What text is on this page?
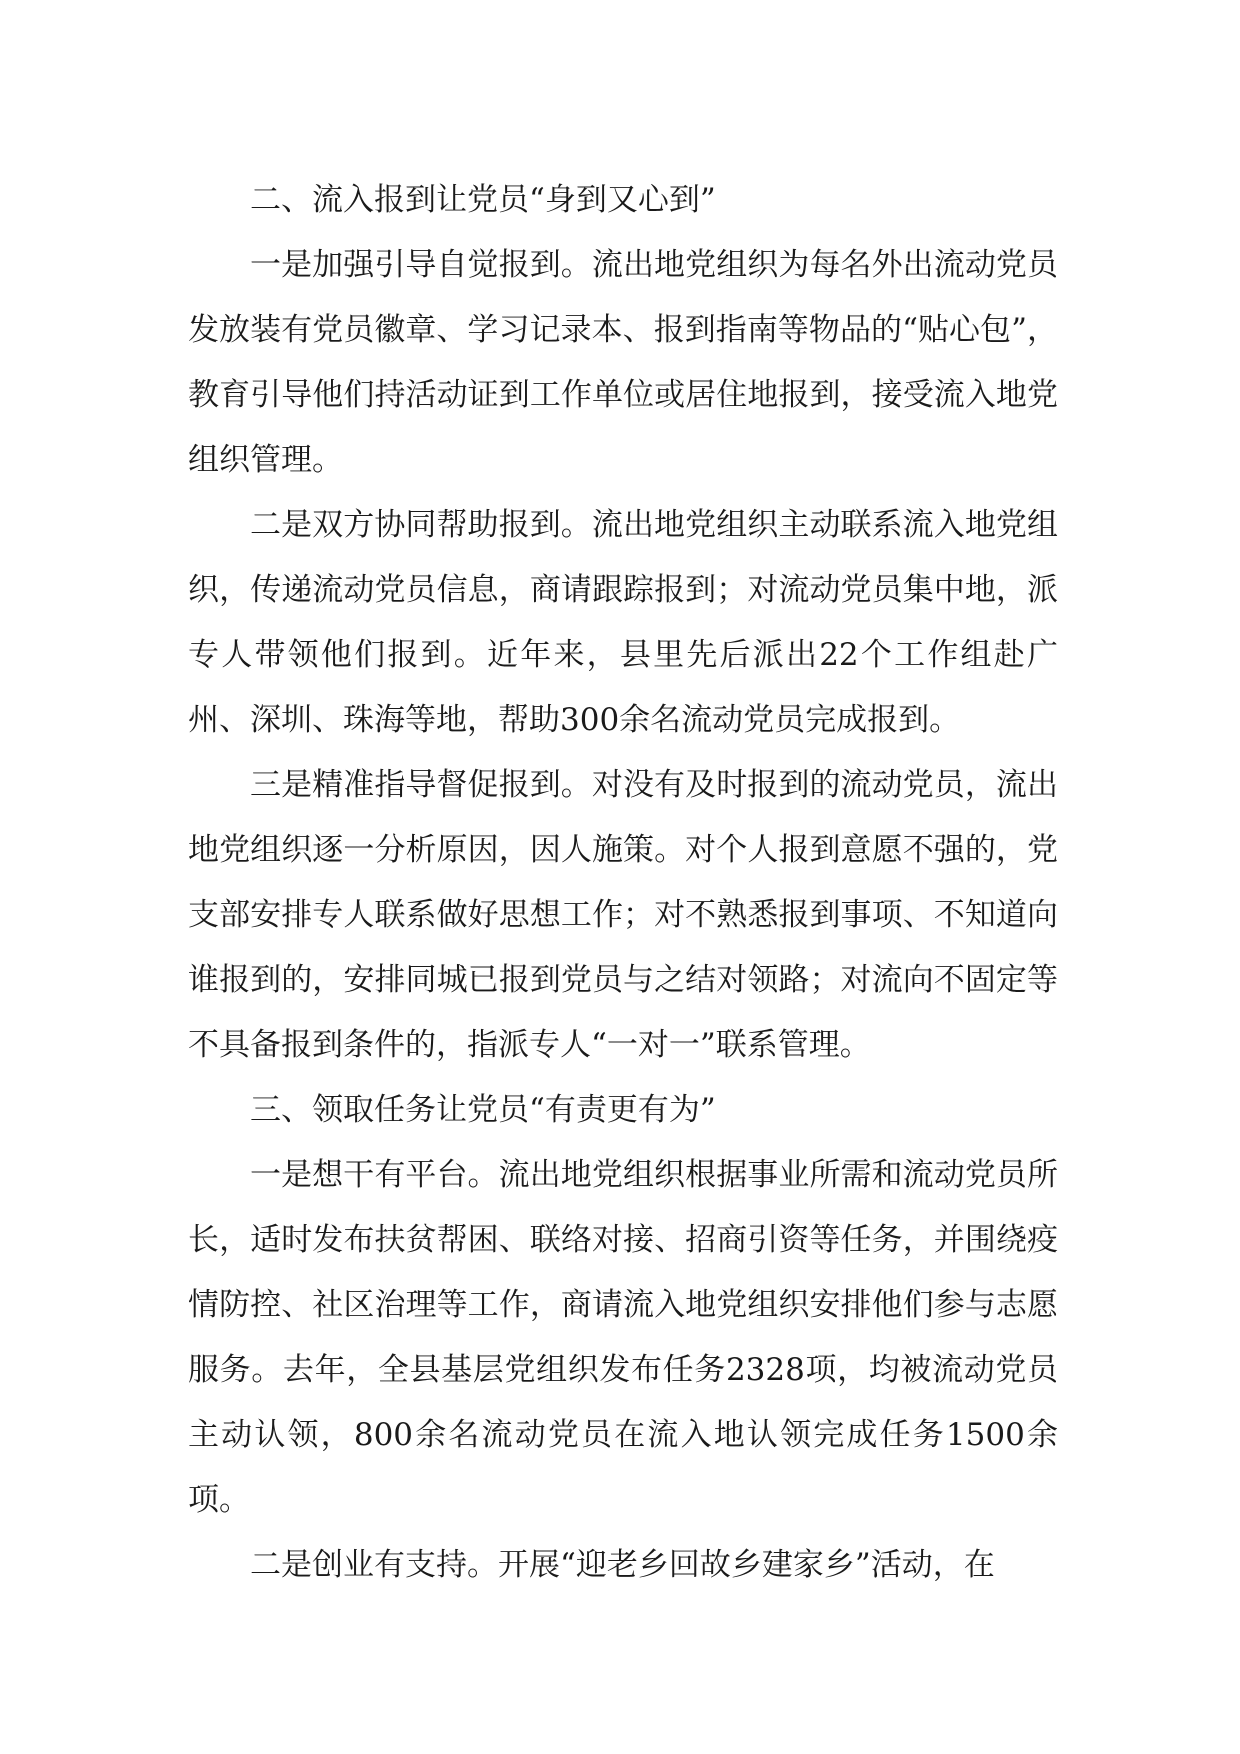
二、流入报到让党员“身到又心到”

一是加强引导自觉报到。流出地党组织为每名外出流动党员发放装有党员徽章、学习记录本、报到指南等物品的“贴心包”，教育引导他们持活动证到工作单位或居住地报到，接受流入地党组织管理。

二是双方协同帮助报到。流出地党组织主动联系流入地党组织，传递流动党员信息，商请跟踪报到；对流动党员集中地，派专人带领他们报到。近年来，县里先后派出22个工作组赴广州、深圳、珠海等地，帮助300余名流动党员完成报到。

三是精准指导督促报到。对没有及时报到的流动党员，流出地党组织逐一分析原因，因人施策。对个人报到意愿不强的，党支部安排专人联系做好思想工作；对不熟悉报到事项、不知道向谁报到的，安排同城已报到党员与之结对领路；对流向不固定等不具备报到条件的，指派专人“一对一”联系管理。

三、领取任务让党员“有责更有为”

一是想干有平台。流出地党组织根据事业所需和流动党员所长，适时发布扶贫帮困、联络对接、招商引资等任务，并围绕疫情防控、社区治理等工作，商请流入地党组织安排他们参与志愿服务。去年，全县基层党组织发布任务2328项，均被流动党员主动认领，800余名流动党员在流入地认领完成任务1500余项。

二是创业有支持。开展“迎老乡回故乡建家乡”活动，在
